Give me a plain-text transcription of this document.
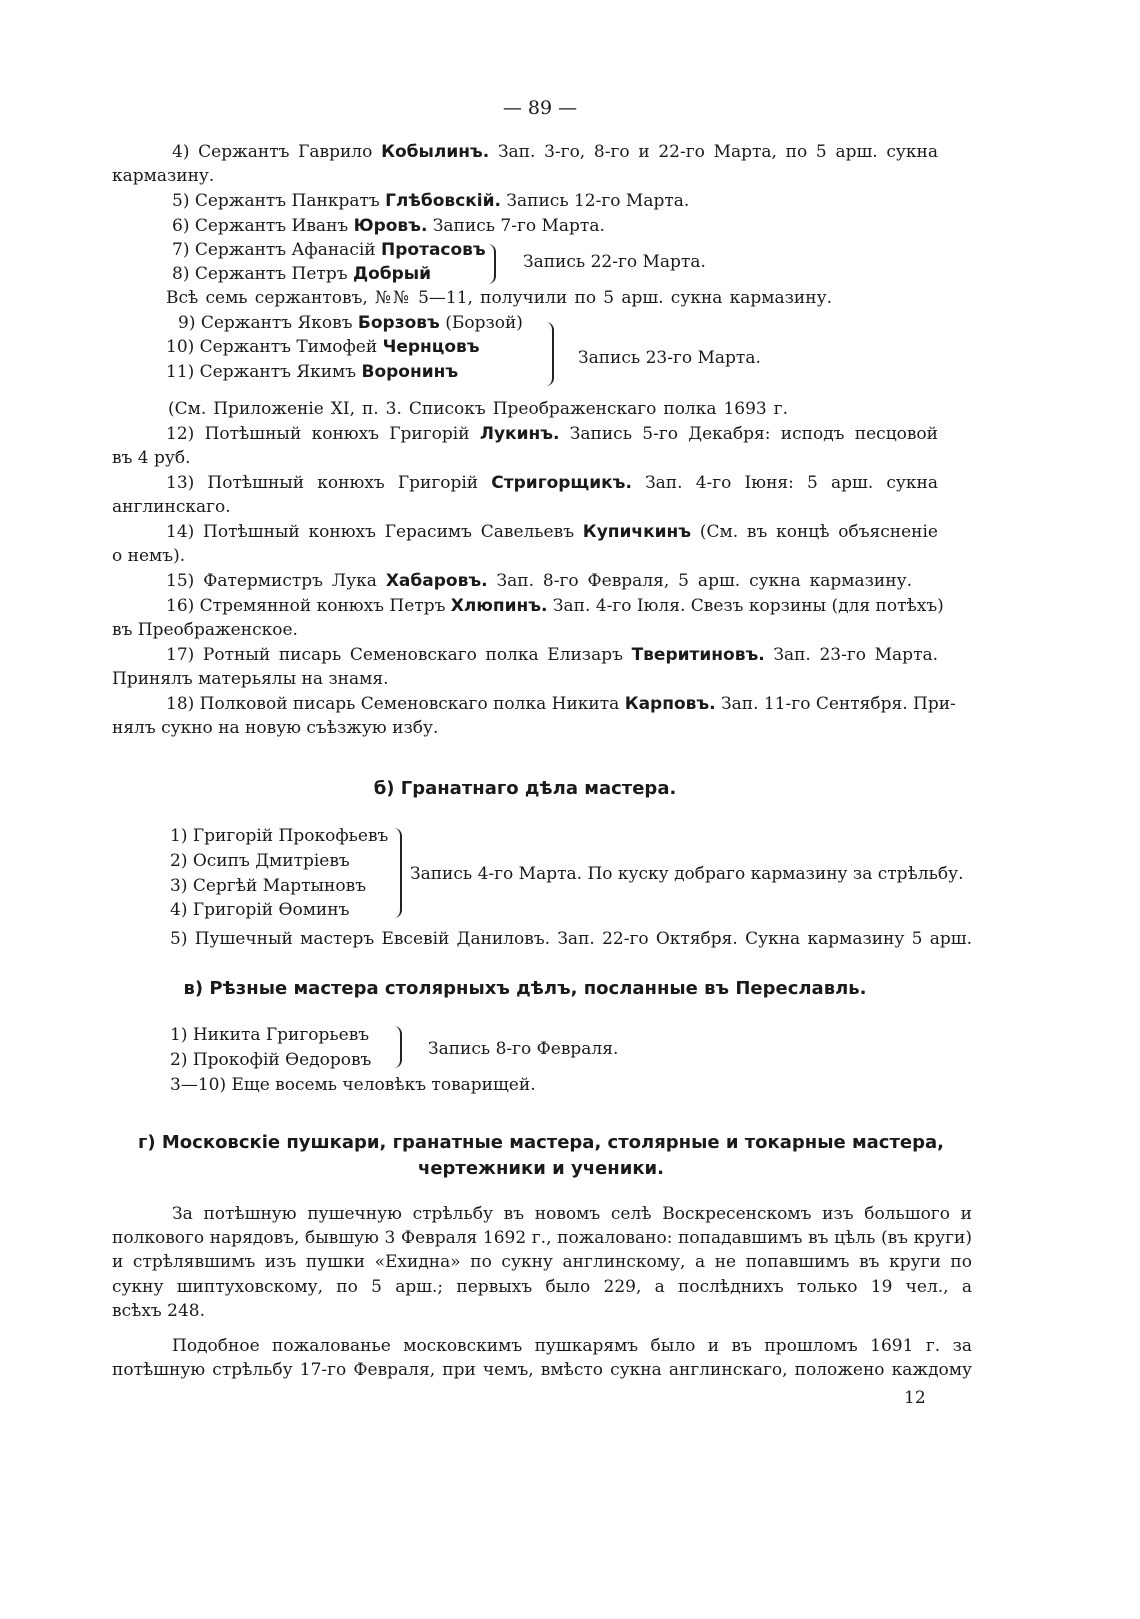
— 89 —
4) Сержантъ Гаврило Кобылинъ. Зап. 3-го, 8-го и 22-го Марта, по 5 арш. сукна
кармазину.
5) Сержантъ Панкратъ Глѣбовскій. Запись 12-го Марта.
6) Сержантъ Иванъ Юровъ. Запись 7-го Марта.
7) Сержантъ Афанасій Протасовъ
8) Сержантъ Петръ Добрый
Запись 22-го Марта.
Всѣ семь сержантовъ, №№ 5—11, получили по 5 арш. сукна кармазину.
9) Сержантъ Яковъ Борзовъ (Борзой)
10) Сержантъ Тимофей Чернцовъ
11) Сержантъ Якимъ Воронинъ
Запись 23-го Марта.
(См. Приложеніе XI, п. 3. Списокъ Преображенскаго полка 1693 г.
12) Потѣшный конюхъ Григорій Лукинъ. Запись 5-го Декабря: исподъ песцовой
въ 4 руб.
13) Потѣшный конюхъ Григорій Стригорщикъ. Зап. 4-го Іюня: 5 арш. сукна
англинскаго.
14) Потѣшный конюхъ Герасимъ Савельевъ Купичкинъ (См. въ концѣ объясненіе
о немъ).
15) Фатермистръ Лука Хабаровъ. Зап. 8-го Февраля, 5 арш. сукна кармазину.
16) Стремянной конюхъ Петръ Хлюпинъ. Зап. 4-го Іюля. Свезъ корзины (для потѣхъ)
въ Преображенское.
17) Ротный писарь Семеновскаго полка Елизаръ Тверитиновъ. Зап. 23-го Марта.
Принялъ матерьялы на знамя.
18) Полковой писарь Семеновскаго полка Никита Карповъ. Зап. 11-го Сентября. При-
нялъ сукно на новую съѣзжую избу.
б) Гранатнаго дѣла мастера.
1) Григорій Прокофьевъ
2) Осипъ Дмитріевъ
3) Сергѣй Мартыновъ
4) Григорій Ѳоминъ
Запись 4-го Марта. По куску добраго кармазину за стрѣльбу.
5) Пушечный мастеръ Евсевій Даниловъ. Зап. 22-го Октября. Сукна кармазину 5 арш.
в) Рѣзные мастера столярныхъ дѣлъ, посланные въ Переславль.
1) Никита Григорьевъ
2) Прокофій Ѳедоровъ
Запись 8-го Февраля.
3—10) Еще восемь человѣкъ товарищей.
г) Московскіе пушкари, гранатные мастера, столярные и токарные мастера,
чертежники и ученики.
За потѣшную пушечную стрѣльбу въ новомъ селѣ Воскресенскомъ изъ большого и
полкового нарядовъ, бывшую 3 Февраля 1692 г., пожаловано: попадавшимъ въ цѣль (въ круги)
и стрѣлявшимъ изъ пушки «Ехидна» по сукну англинскому, а не попавшимъ въ круги по
сукну шиптуховскому, по 5 арш.; первыхъ было 229, а послѣднихъ только 19 чел., а
всѣхъ 248.
Подобное пожалованье московскимъ пушкарямъ было и въ прошломъ 1691 г. за
потѣшную стрѣльбу 17-го Февраля, при чемъ, вмѣсто сукна англинскаго, положено каждому
12
